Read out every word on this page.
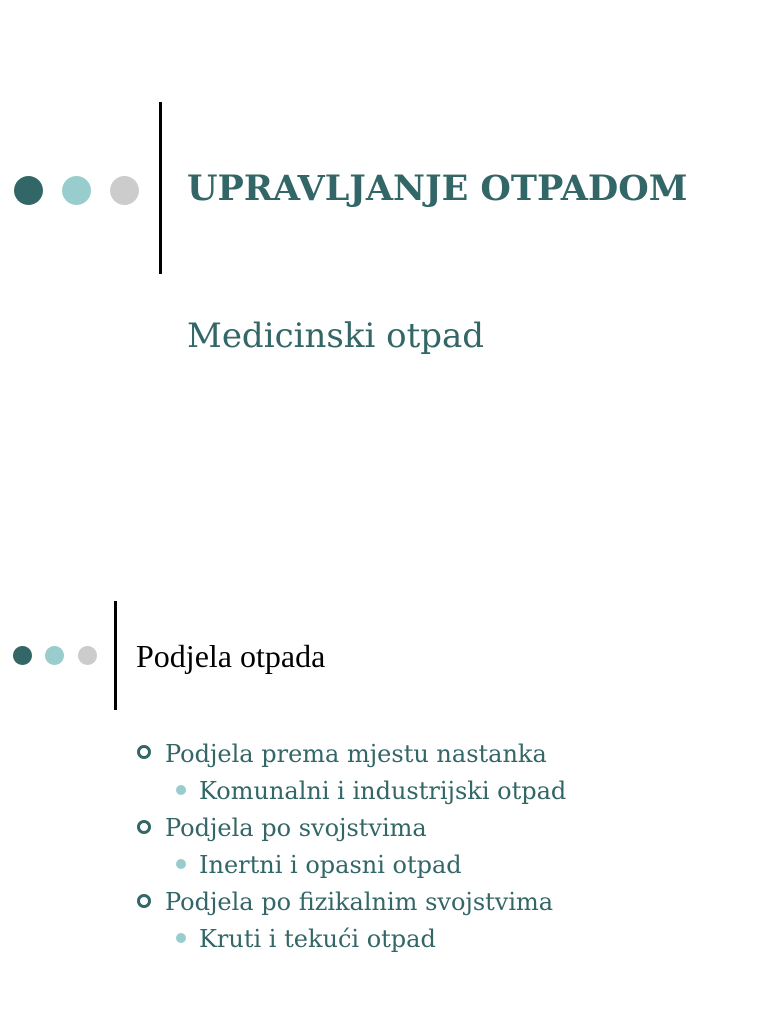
UPRAVLJANJE OTPADOM
Medicinski otpad
Podjela otpada
Podjela prema mjestu nastanka
Komunalni i industrijski otpad
Podjela po svojstvima
Inertni i opasni otpad
Podjela po fizikalnim svojstvima
Kruti i tekući otpad
